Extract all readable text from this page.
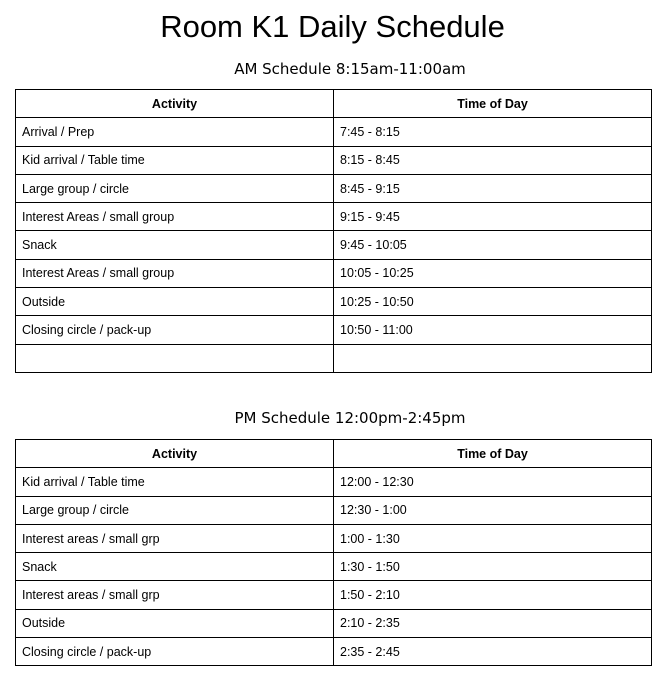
Room K1 Daily Schedule
AM Schedule 8:15am-11:00am
Activity	Time of Day
Arrival / Prep	7:45 - 8:15
Kid arrival / Table time	8:15 - 8:45
Large group / circle	8:45 - 9:15
Interest Areas / small group	9:15 - 9:45
Snack	9:45 - 10:05
Interest Areas / small group	10:05 - 10:25
Outside	10:25 - 10:50
Closing circle / pack-up	10:50 - 11:00

PM Schedule 12:00pm-2:45pm
Activity	Time of Day
Kid arrival / Table time	12:00 - 12:30
Large group / circle	12:30 - 1:00
Interest areas / small grp	1:00 - 1:30
Snack	1:30 - 1:50
Interest areas / small grp	1:50 - 2:10
Outside	2:10 - 2:35
Closing circle / pack-up	2:35 - 2:45
